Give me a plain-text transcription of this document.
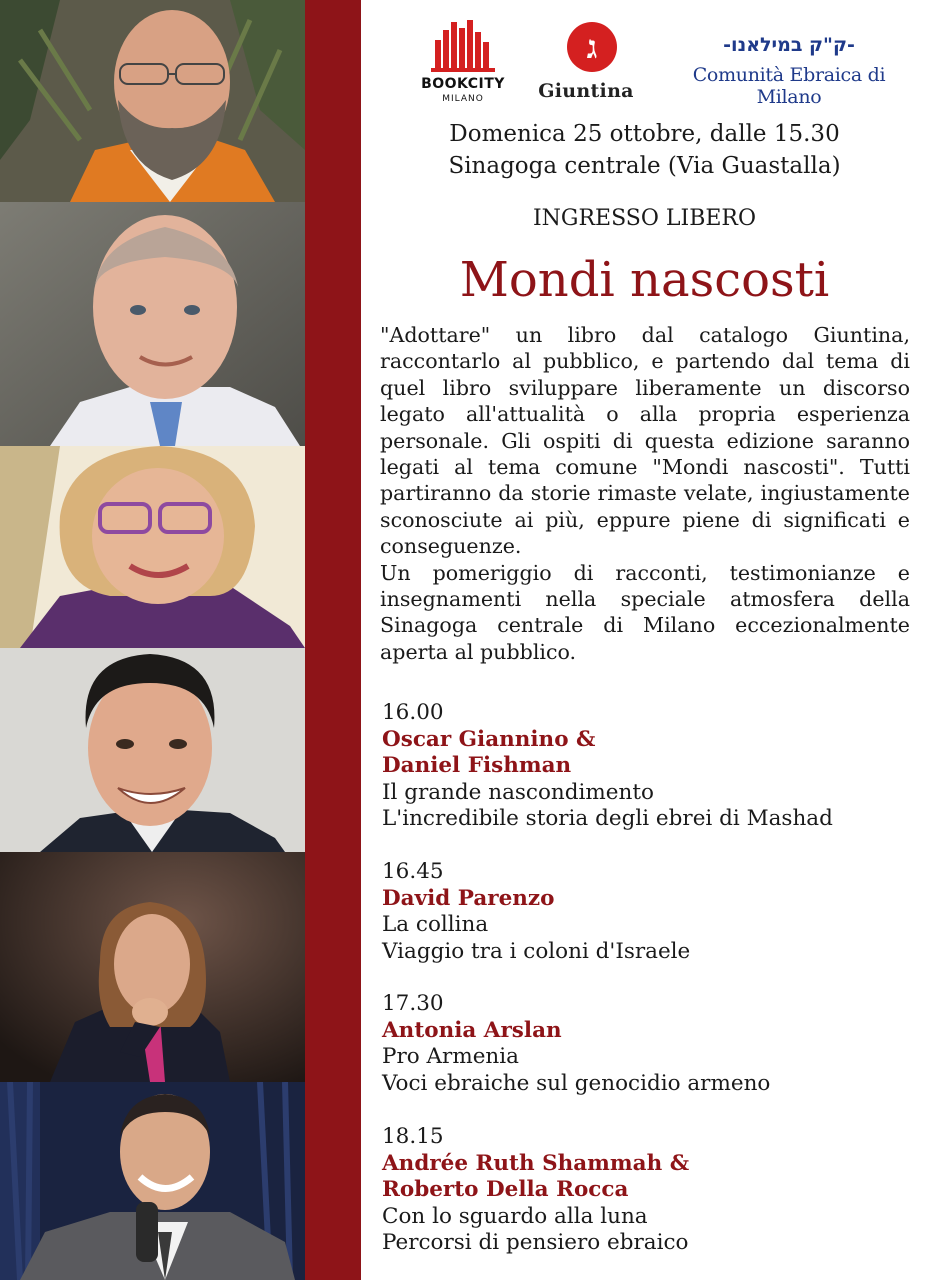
BOOKCITY
MILANO
ג
Giuntina
-ק"ק במילאנו-
Comunità Ebraica di Milano
Domenica 25 ottobre, dalle 15.30
Sinagoga centrale (Via Guastalla)
INGRESSO LIBERO
Mondi nascosti

"Adottare" un libro dal catalogo Giuntina, raccontarlo al pubblico, e partendo dal tema di quel libro sviluppare liberamente un discorso legato all'attualità o alla propria esperienza personale. Gli ospiti di questa edizione saranno legati al tema comune "Mondi nascosti". Tutti partiranno da storie rimaste velate, ingiustamente sconosciute ai più, eppure piene di significati e conseguenze.

Un pomeriggio di racconti, testimonianze e insegnamenti nella speciale atmosfera della Sinagoga centrale di Milano eccezionalmente aperta al pubblico.

16.00
Oscar Giannino &
Daniel Fishman
Il grande nascondimento
L'incredibile storia degli ebrei di Mashad
16.45
David Parenzo
La collina
Viaggio tra i coloni d'Israele
17.30
Antonia Arslan
Pro Armenia
Voci ebraiche sul genocidio armeno
18.15
Andrée Ruth Shammah &
Roberto Della Rocca
Con lo sguardo alla luna
Percorsi di pensiero ebraico
